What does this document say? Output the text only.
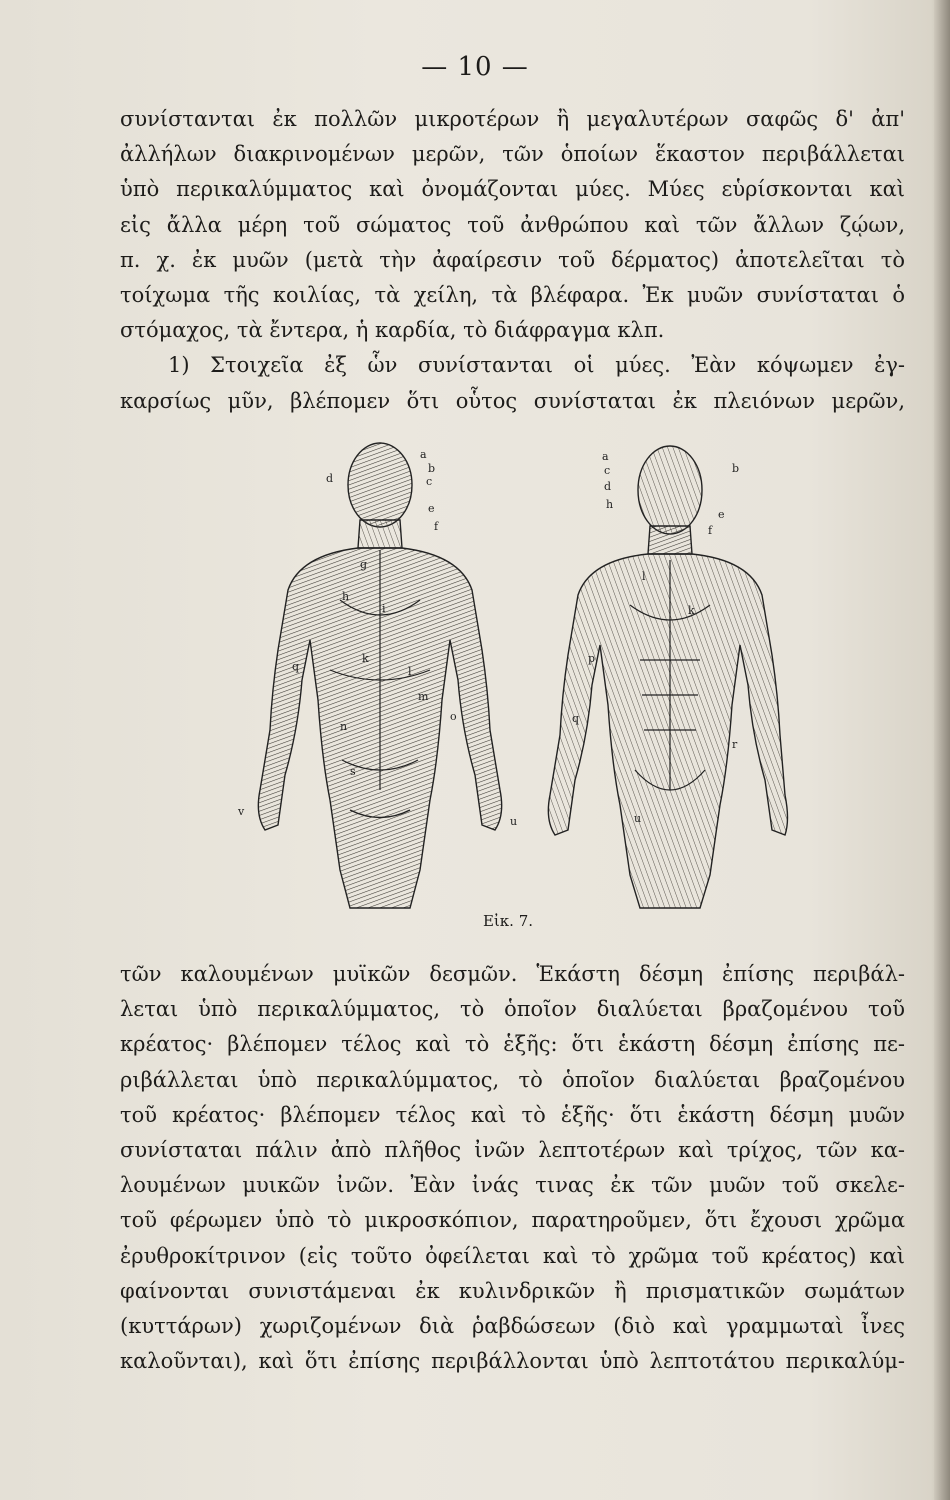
— 10 —
συνίστανται ἐκ πολλῶν μικροτέρων ἢ μεγαλυτέρων σαφῶς δ' ἀπ'
ἀλλήλων διακρινομένων μερῶν, τῶν ὁποίων ἕκαστον περιβάλλεται
ὑπὸ περικαλύμματος καὶ ὀνομάζονται μύες. Μύες εὑρίσκονται καὶ
εἰς ἄλλα μέρη τοῦ σώματος τοῦ ἀνθρώπου καὶ τῶν ἄλλων ζῴων,
π. χ. ἐκ μυῶν (μετὰ τὴν ἀφαίρεσιν τοῦ δέρματος) ἀποτελεῖται τὸ
τοίχωμα τῆς κοιλίας, τὰ χείλη, τὰ βλέφαρα. Ἐκ μυῶν συνίσταται ὁ
στόμαχος, τὰ ἔντερα, ἡ καρδία, τὸ διάφραγμα κλπ.
1) Στοιχεῖα ἐξ ὧν συνίστανται οἱ μύες. Ἐὰν κόψωμεν ἐγ-
καρσίως μῦν, βλέπομεν ὅτι οὗτος συνίσταται ἐκ πλειόνων μερῶν,
a
b
c
d
e
f
g
h
i
k
l
m
n
o
q
s
u
v
a
b
c
d
e
f
h
k
l
p
q
r
u
Εἰκ. 7.
τῶν καλουμένων μυϊκῶν δεσμῶν. Ἑκάστη δέσμη ἐπίσης περιβάλ-
λεται ὑπὸ περικαλύμματος, τὸ ὁποῖον διαλύεται βραζομένου τοῦ
κρέατος· βλέπομεν τέλος καὶ τὸ ἑξῆς: ὅτι ἑκάστη δέσμη ἐπίσης πε-
ριβάλλεται ὑπὸ περικαλύμματος, τὸ ὁποῖον διαλύεται βραζομένου
τοῦ κρέατος· βλέπομεν τέλος καὶ τὸ ἑξῆς· ὅτι ἑκάστη δέσμη μυῶν
συνίσταται πάλιν ἀπὸ πλῆθος ἰνῶν λεπτοτέρων καὶ τρίχος, τῶν κα-
λουμένων μυικῶν ἰνῶν. Ἐὰν ἰνάς τινας ἐκ τῶν μυῶν τοῦ σκελε-
τοῦ φέρωμεν ὑπὸ τὸ μικροσκόπιον, παρατηροῦμεν, ὅτι ἔχουσι χρῶμα
ἐρυθροκίτρινον (εἰς τοῦτο ὀφείλεται καὶ τὸ χρῶμα τοῦ κρέατος) καὶ
φαίνονται συνιστάμεναι ἐκ κυλινδρικῶν ἢ πρισματικῶν σωμάτων
(κυττάρων) χωριζομένων διὰ ῥαβδώσεων (διὸ καὶ γραμμωταὶ ἶνες
καλοῦνται), καὶ ὅτι ἐπίσης περιβάλλονται ὑπὸ λεπτοτάτου περικαλύμ-
